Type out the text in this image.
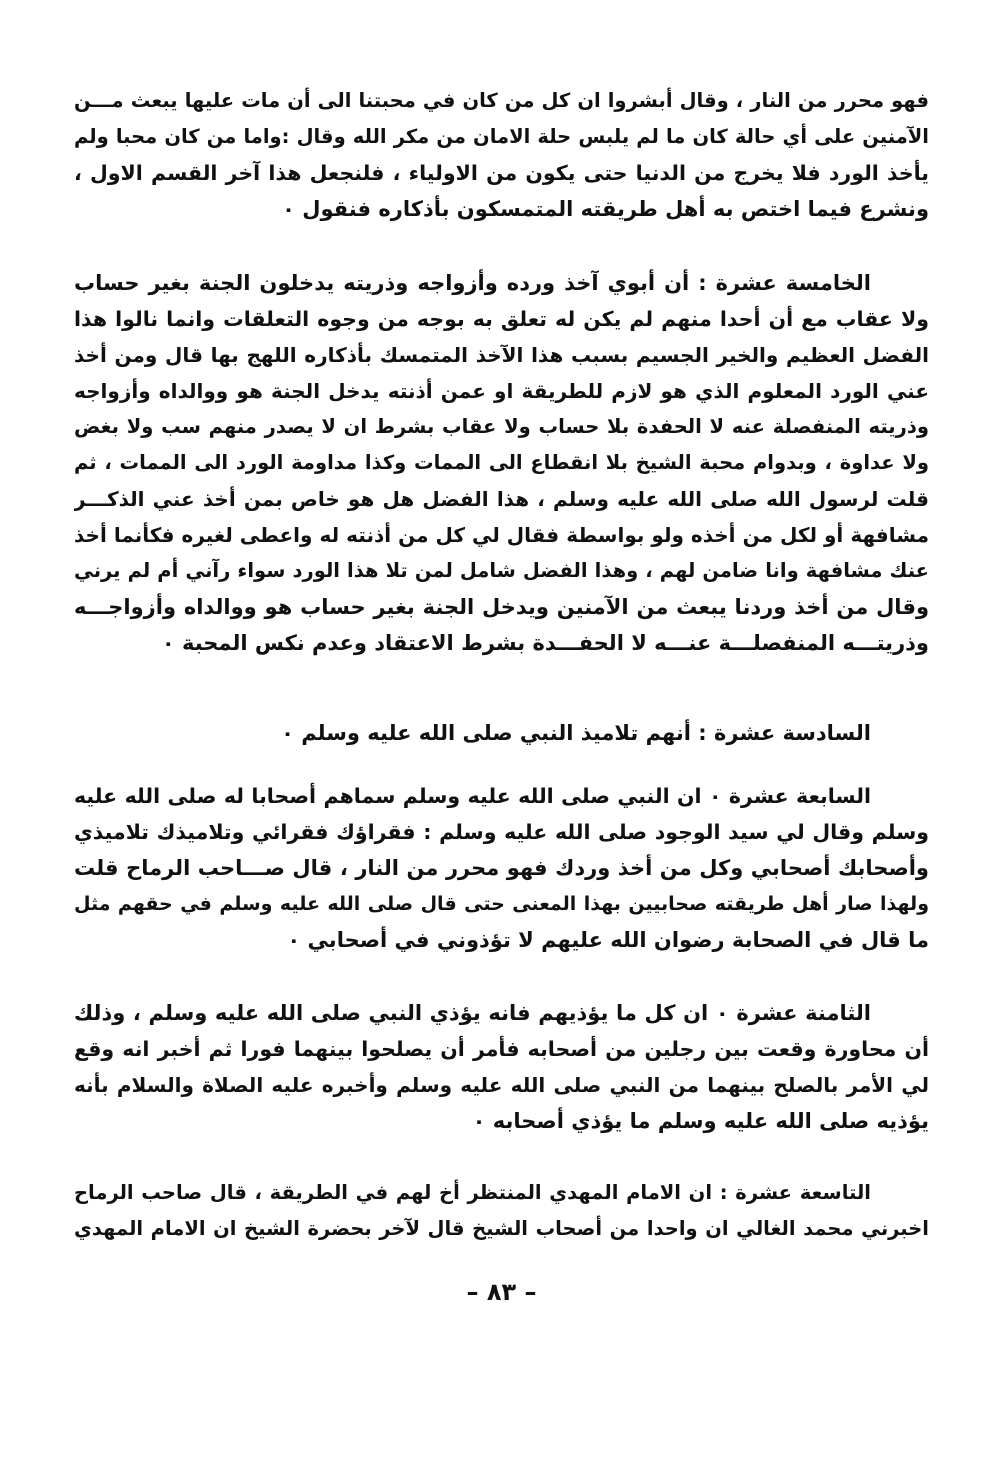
فهو محرر من النار ، وقال أبشروا ان كل من كان في محبتنا الى أن مات عليها يبعث مـــن
الآمنين على أي حالة كان ما لم يلبس حلة الامان من مكر الله وقال :واما من كان محبا ولم
يأخذ الورد فلا يخرج من الدنيا حتى يكون من الاولياء ، فلنجعل هذا آخر القسم الاول ،
ونشرع فيما اختص به أهل طريقته المتمسكون بأذكاره فنقول ٠
الخامسة عشرة : أن أبوي آخذ ورده وأزواجه وذريته يدخلون الجنة بغير حساب
ولا عقاب مع أن أحدا منهم لم يكن له تعلق به بوجه من وجوه التعلقات وانما نالوا هذا
الفضل العظيم والخير الجسيم بسبب هذا الآخذ المتمسك بأذكاره اللهج بها قال ومن أخذ
عني الورد المعلوم الذي هو لازم للطريقة او عمن أذنته يدخل الجنة هو ووالداه وأزواجه
وذريته المنفصلة عنه لا الحفدة بلا حساب ولا عقاب بشرط ان لا يصدر منهم سب ولا بغض
ولا عداوة ، وبدوام محبة الشيخ بلا انقطاع الى الممات وكذا مداومة الورد الى الممات ، ثم
قلت لرسول الله صلى الله عليه وسلم ، هذا الفضل هل هو خاص بمن أخذ عني الذكـــر
مشافهة أو لكل من أخذه ولو بواسطة فقال لي كل من أذنته له واعطى لغيره فكأنما أخذ
عنك مشافهة وانا ضامن لهم ، وهذا الفضل شامل لمن تلا هذا الورد سواء رآني أم لم يرني
وقال من أخذ وردنا يبعث من الآمنين ويدخل الجنة بغير حساب هو ووالداه وأزواجـــه
وذريتـــه المنفصلـــة عنـــه لا الحفـــدة بشرط الاعتقاد وعدم نكس المحبة ٠
السادسة عشرة : أنهم تلاميذ النبي صلى الله عليه وسلم ٠
السابعة عشرة ٠ ان النبي صلى الله عليه وسلم سماهم أصحابا له صلى الله عليه
وسلم وقال لي سيد الوجود صلى الله عليه وسلم : فقراؤك فقرائي وتلاميذك تلاميذي
وأصحابك أصحابي وكل من أخذ وردك فهو محرر من النار ، قال صـــاحب الرماح قلت
ولهذا صار أهل طريقته صحابيين بهذا المعنى حتى قال صلى الله عليه وسلم في حقهم مثل
ما قال في الصحابة رضوان الله عليهم لا تؤذوني في أصحابي ٠
الثامنة عشرة ٠ ان كل ما يؤذيهم فانه يؤذي النبي صلى الله عليه وسلم ، وذلك
أن محاورة وقعت بين رجلين من أصحابه فأمر أن يصلحوا بينهما فورا ثم أخبر انه وقع
لي الأمر بالصلح بينهما من النبي صلى الله عليه وسلم وأخبره عليه الصلاة والسلام بأنه
يؤذيه صلى الله عليه وسلم ما يؤذي أصحابه ٠
التاسعة عشرة : ان الامام المهدي المنتظر أخ لهم في الطريقة ، قال صاحب الرماح
اخبرني محمد الغالي ان واحدا من أصحاب الشيخ قال لآخر بحضرة الشيخ ان الامام المهدي
– ٨٣ –
